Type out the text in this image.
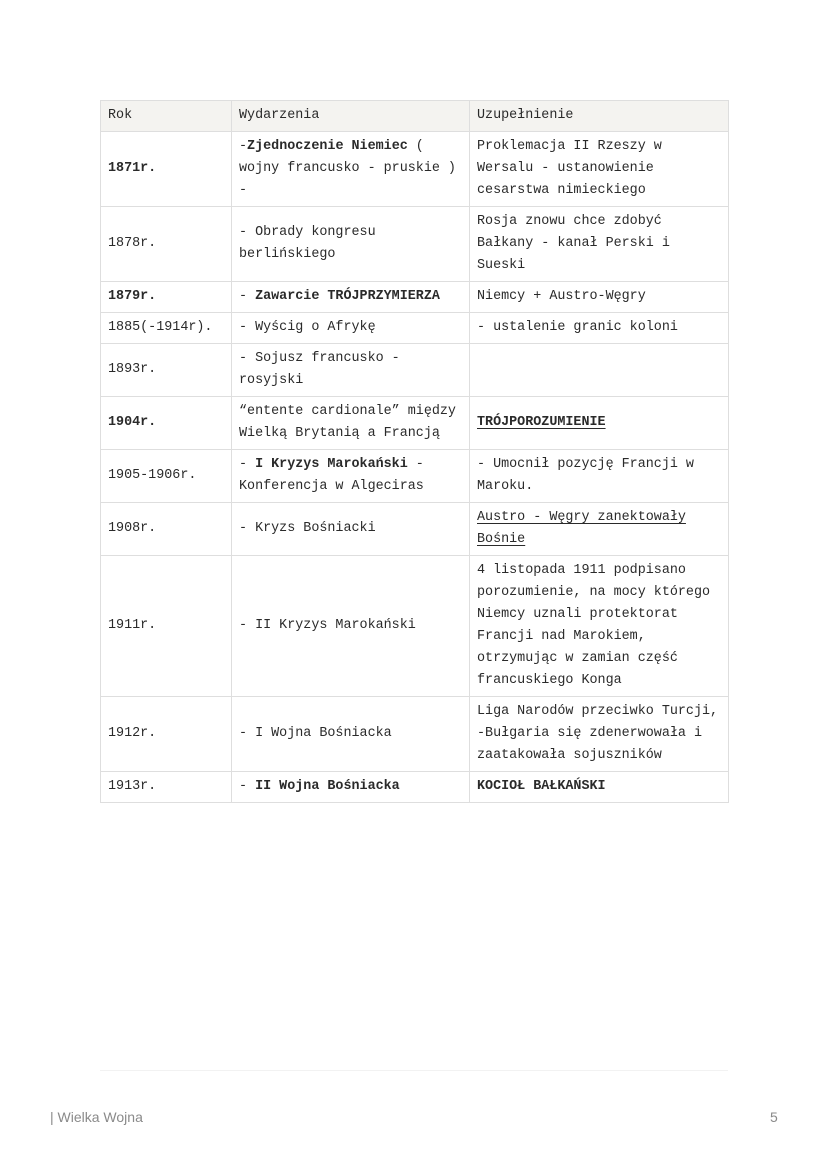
Rok	Wydarzenia	Uzupełnienie
1871r.	-Zjednoczenie Niemiec ( wojny francusko - pruskie ) -	Proklemacja II Rzeszy w Wersalu - ustanowienie cesarstwa nimieckiego
1878r.	- Obrady kongresu berlińskiego	Rosja znowu chce zdobyć Bałkany - kanał Perski i Sueski
1879r.	- Zawarcie TRÓJPRZYMIERZA	Niemcy + Austro-Węgry
1885(-1914r).	- Wyścig o Afrykę	- ustalenie granic koloni
1893r.	- Sojusz francusko - rosyjski	
1904r.	“entente cardionale” między Wielką Brytanią a Francją	TRÓJPOROZUMIENIE
1905-1906r.	- I Kryzys Marokański - Konferencja w Algeciras	- Umocnił pozycję Francji w Maroku.
1908r.	- Kryzs Bośniacki	Austro - Węgry zanektowały Bośnie
1911r.	- II Kryzys Marokański	4 listopada 1911 podpisano porozumienie, na mocy którego Niemcy uznali protektorat Francji nad Marokiem, otrzymując w zamian część francuskiego Konga
1912r.	- I Wojna Bośniacka	Liga Narodów przeciwko Turcji, -Bułgaria się zdenerwowała i zaatakowała sojuszników
1913r.	- II Wojna Bośniacka	KOCIOŁ BAŁKAŃSKI
| Wielka Wojna	5
